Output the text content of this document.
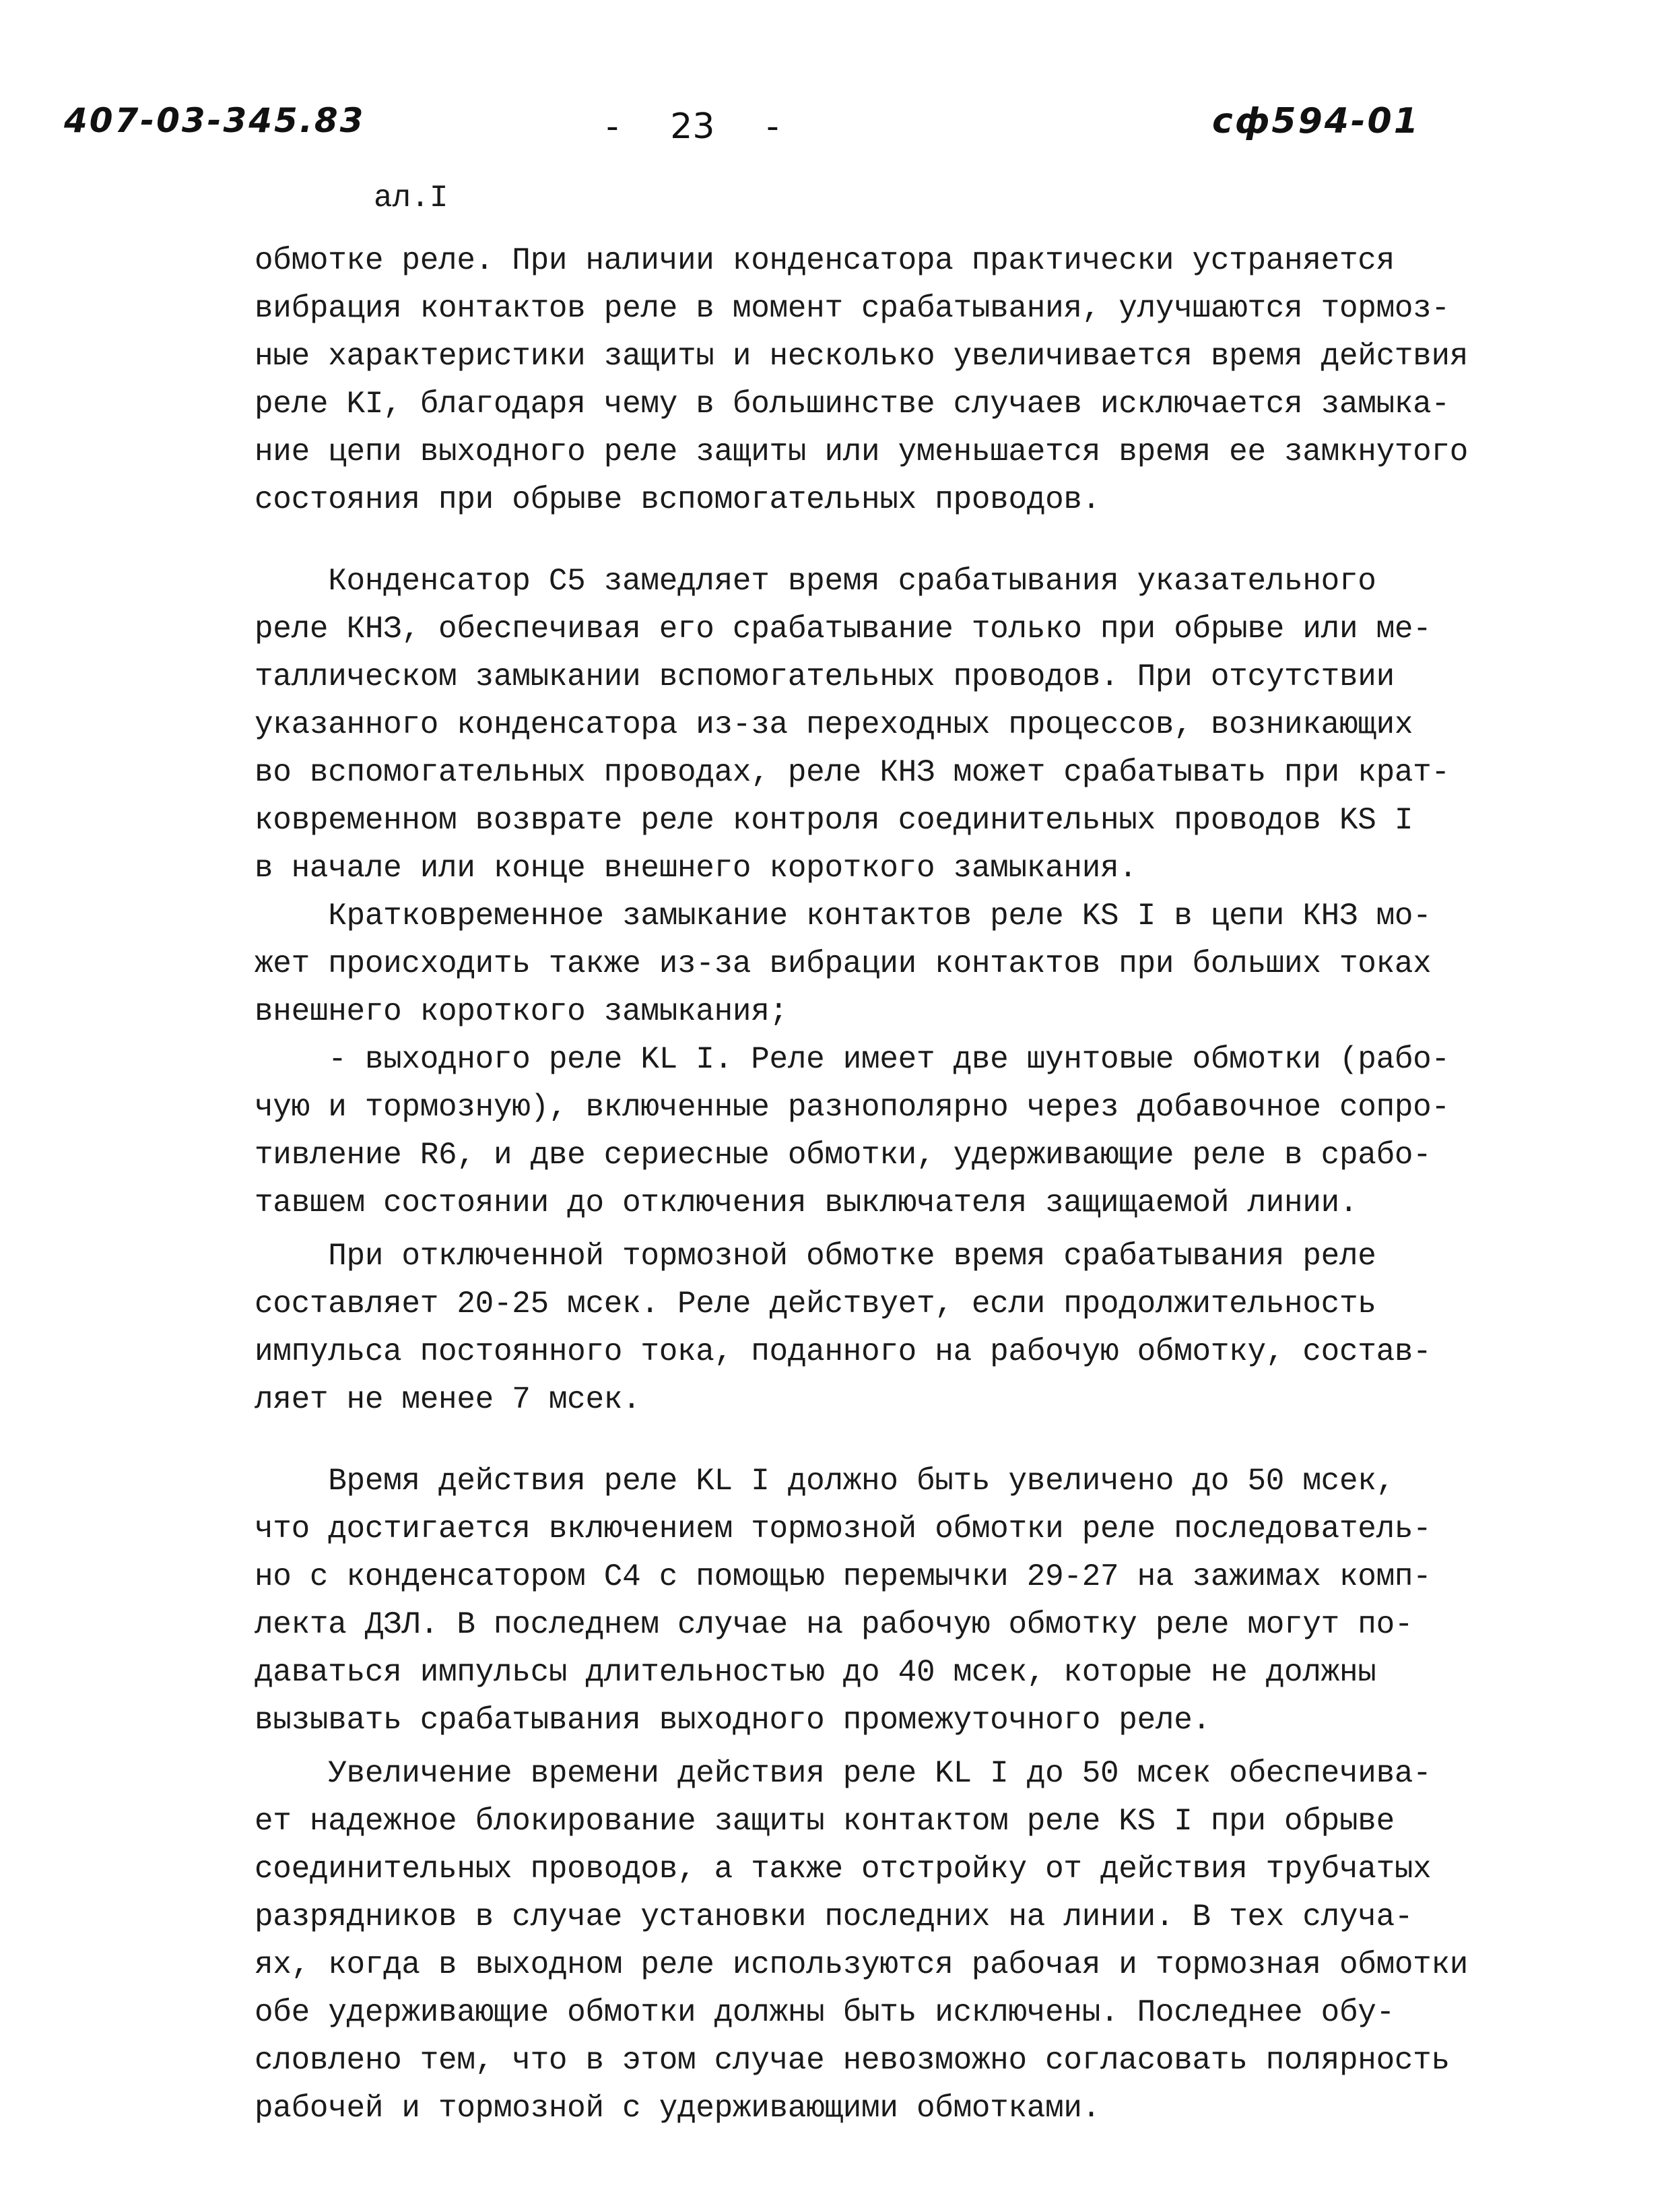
407-03-345.83	- 23 -	сф594-01
ал.I
обмотке реле. При наличии конденсатора практически устраняется
вибрация контактов реле в момент срабатывания, улучшаются тормоз-
ные характеристики защиты и несколько увеличивается время действия
реле KI, благодаря чему в большинстве случаев исключается замыка-
ние цепи выходного реле защиты или уменьшается время ее замкнутого
состояния при обрыве вспомогательных проводов.
Конденсатор С5 замедляет время срабатывания указательного
реле КНЗ, обеспечивая его срабатывание только при обрыве или ме-
таллическом замыкании вспомогательных проводов. При отсутствии
указанного конденсатора из-за переходных процессов, возникающих
во вспомогательных проводах, реле КНЗ может срабатывать при крат-
ковременном возврате реле контроля соединительных проводов KS I
в начале или конце внешнего короткого замыкания.
Кратковременное замыкание контактов реле KS I в цепи КНЗ мо-
жет происходить также из-за вибрации контактов при больших токах
внешнего короткого замыкания;
- выходного реле KL I. Реле имеет две шунтовые обмотки (рабо-
чую и тормозную), включенные разнополярно через добавочное сопро-
тивление R6, и две сериесные обмотки, удерживающие реле в срабо-
тавшем состоянии до отключения выключателя защищаемой линии.
При отключенной тормозной обмотке время срабатывания реле
составляет 20-25 мсек. Реле действует, если продолжительность
импульса постоянного тока, поданного на рабочую обмотку, состав-
ляет не менее 7 мсек.
Время действия реле KL I должно быть увеличено до 50 мсек,
что достигается включением тормозной обмотки реле последователь-
но с конденсатором С4 с помощью перемычки 29-27 на зажимах комп-
лекта ДЗЛ. В последнем случае на рабочую обмотку реле могут по-
даваться импульсы длительностью до 40 мсек, которые не должны
вызывать срабатывания выходного промежуточного реле.
Увеличение времени действия реле KL I до 50 мсек обеспечива-
ет надежное блокирование защиты контактом реле KS I при обрыве
соединительных проводов, а также отстройку от действия трубчатых
разрядников в случае установки последних на линии. В тех случа-
ях, когда в выходном реле используются рабочая и тормозная обмотки
обе удерживающие обмотки должны быть исключены. Последнее обу-
словлено тем, что в этом случае невозможно согласовать полярность
рабочей и тормозной с удерживающими обмотками.
